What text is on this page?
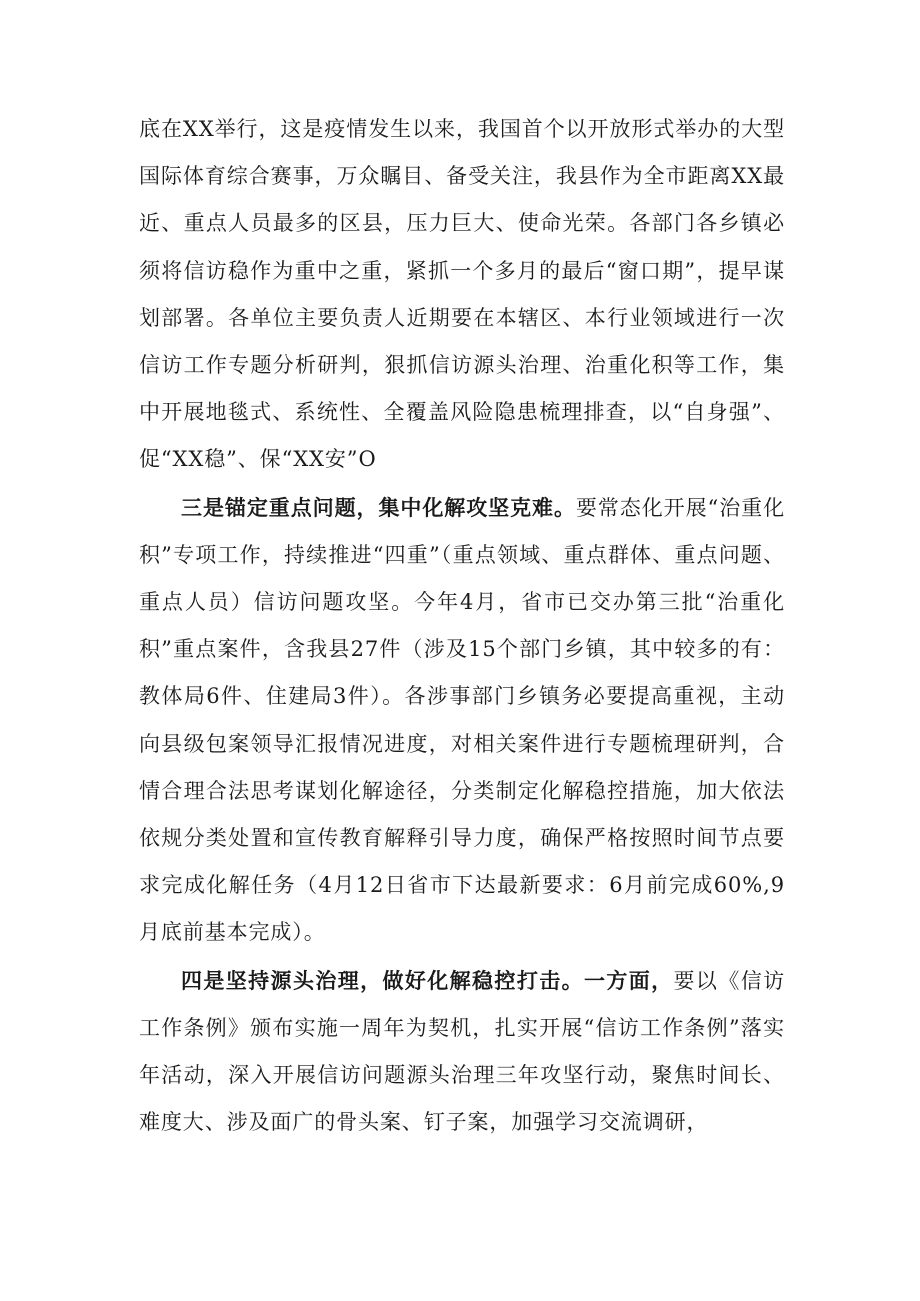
底在XX举行，这是疫情发生以来，我国首个以开放形式举办的大型国际体育综合赛事，万众瞩目、备受关注，我县作为全市距离XX最近、重点人员最多的区县，压力巨大、使命光荣。各部门各乡镇必须将信访稳作为重中之重，紧抓一个多月的最后“窗口期”，提早谋划部署。各单位主要负责人近期要在本辖区、本行业领域进行一次信访工作专题分析研判，狠抓信访源头治理、治重化积等工作，集中开展地毯式、系统性、全覆盖风险隐患梳理排查，以“自身强”、促“XX稳”、保“XX安”O

三是锚定重点问题，集中化解攻坚克难。要常态化开展“治重化积”专项工作，持续推进“四重”（重点领域、重点群体、重点问题、重点人员）信访问题攻坚。今年4月，省市已交办第三批“治重化积”重点案件，含我县27件（涉及15个部门乡镇，其中较多的有：教体局6件、住建局3件）。各涉事部门乡镇务必要提高重视，主动向县级包案领导汇报情况进度，对相关案件进行专题梳理研判，合情合理合法思考谋划化解途径，分类制定化解稳控措施，加大依法依规分类处置和宣传教育解释引导力度，确保严格按照时间节点要求完成化解任务（4月12日省市下达最新要求：6月前完成60%,9月底前基本完成）。

四是坚持源头治理，做好化解稳控打击。一方面，要以《信访工作条例》颁布实施一周年为契机，扎实开展“信访工作条例”落实年活动，深入开展信访问题源头治理三年攻坚行动，聚焦时间长、难度大、涉及面广的骨头案、钉子案，加强学习交流调研，
